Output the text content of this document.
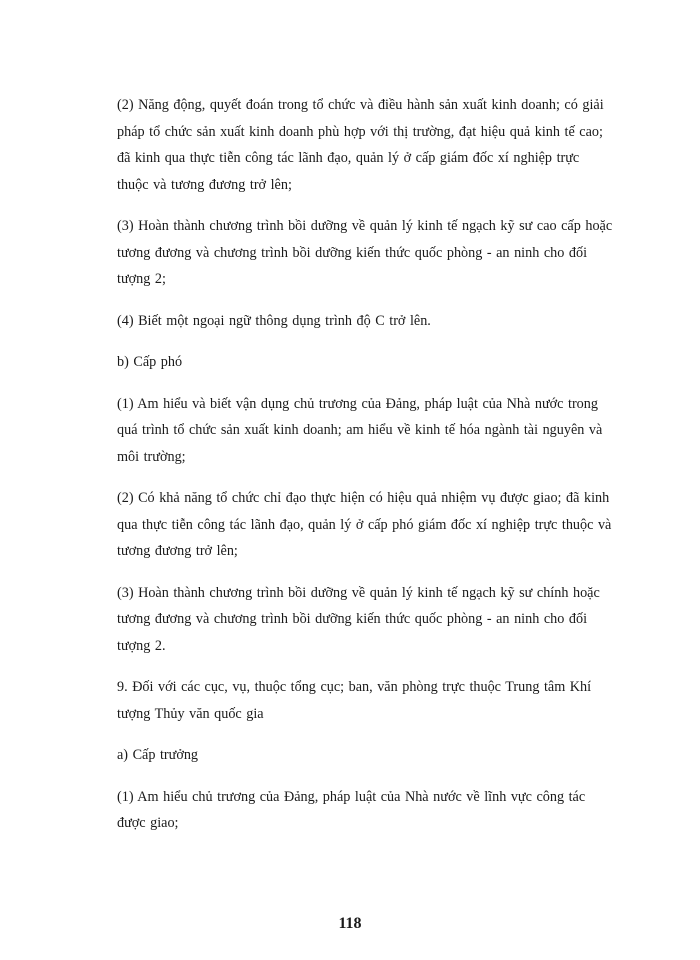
(2) Năng động, quyết đoán trong tổ chức và điều hành sản xuất kinh doanh; có giải
pháp tổ chức sản xuất kinh doanh phù hợp với thị trường, đạt hiệu quả kinh tế cao;
đã kinh qua thực tiễn công tác lãnh đạo, quản lý ở cấp giám đốc xí nghiệp trực
thuộc và tương đương trở lên;

(3) Hoàn thành chương trình bồi dưỡng về quản lý kinh tế ngạch kỹ sư cao cấp hoặc
tương đương và chương trình bồi dưỡng kiến thức quốc phòng - an ninh cho đối
tượng 2;

(4) Biết một ngoại ngữ thông dụng trình độ C trở lên.

b) Cấp phó

(1) Am hiểu và biết vận dụng chủ trương của Đảng, pháp luật của Nhà nước trong
quá trình tổ chức sản xuất kinh doanh; am hiểu về kinh tế hóa ngành tài nguyên và
môi trường;

(2) Có khả năng tổ chức chỉ đạo thực hiện có hiệu quả nhiệm vụ được giao; đã kinh
qua thực tiễn công tác lãnh đạo, quản lý ở cấp phó giám đốc xí nghiệp trực thuộc và
tương đương trở lên;

(3) Hoàn thành chương trình bồi dưỡng về quản lý kinh tế ngạch kỹ sư chính hoặc
tương đương và chương trình bồi dưỡng kiến thức quốc phòng - an ninh cho đối
tượng 2.

9. Đối với các cục, vụ, thuộc tổng cục; ban, văn phòng trực thuộc Trung tâm Khí
tượng Thủy văn quốc gia

a) Cấp trưởng

(1) Am hiểu chủ trương của Đảng, pháp luật của Nhà nước về lĩnh vực công tác
được giao;

118
